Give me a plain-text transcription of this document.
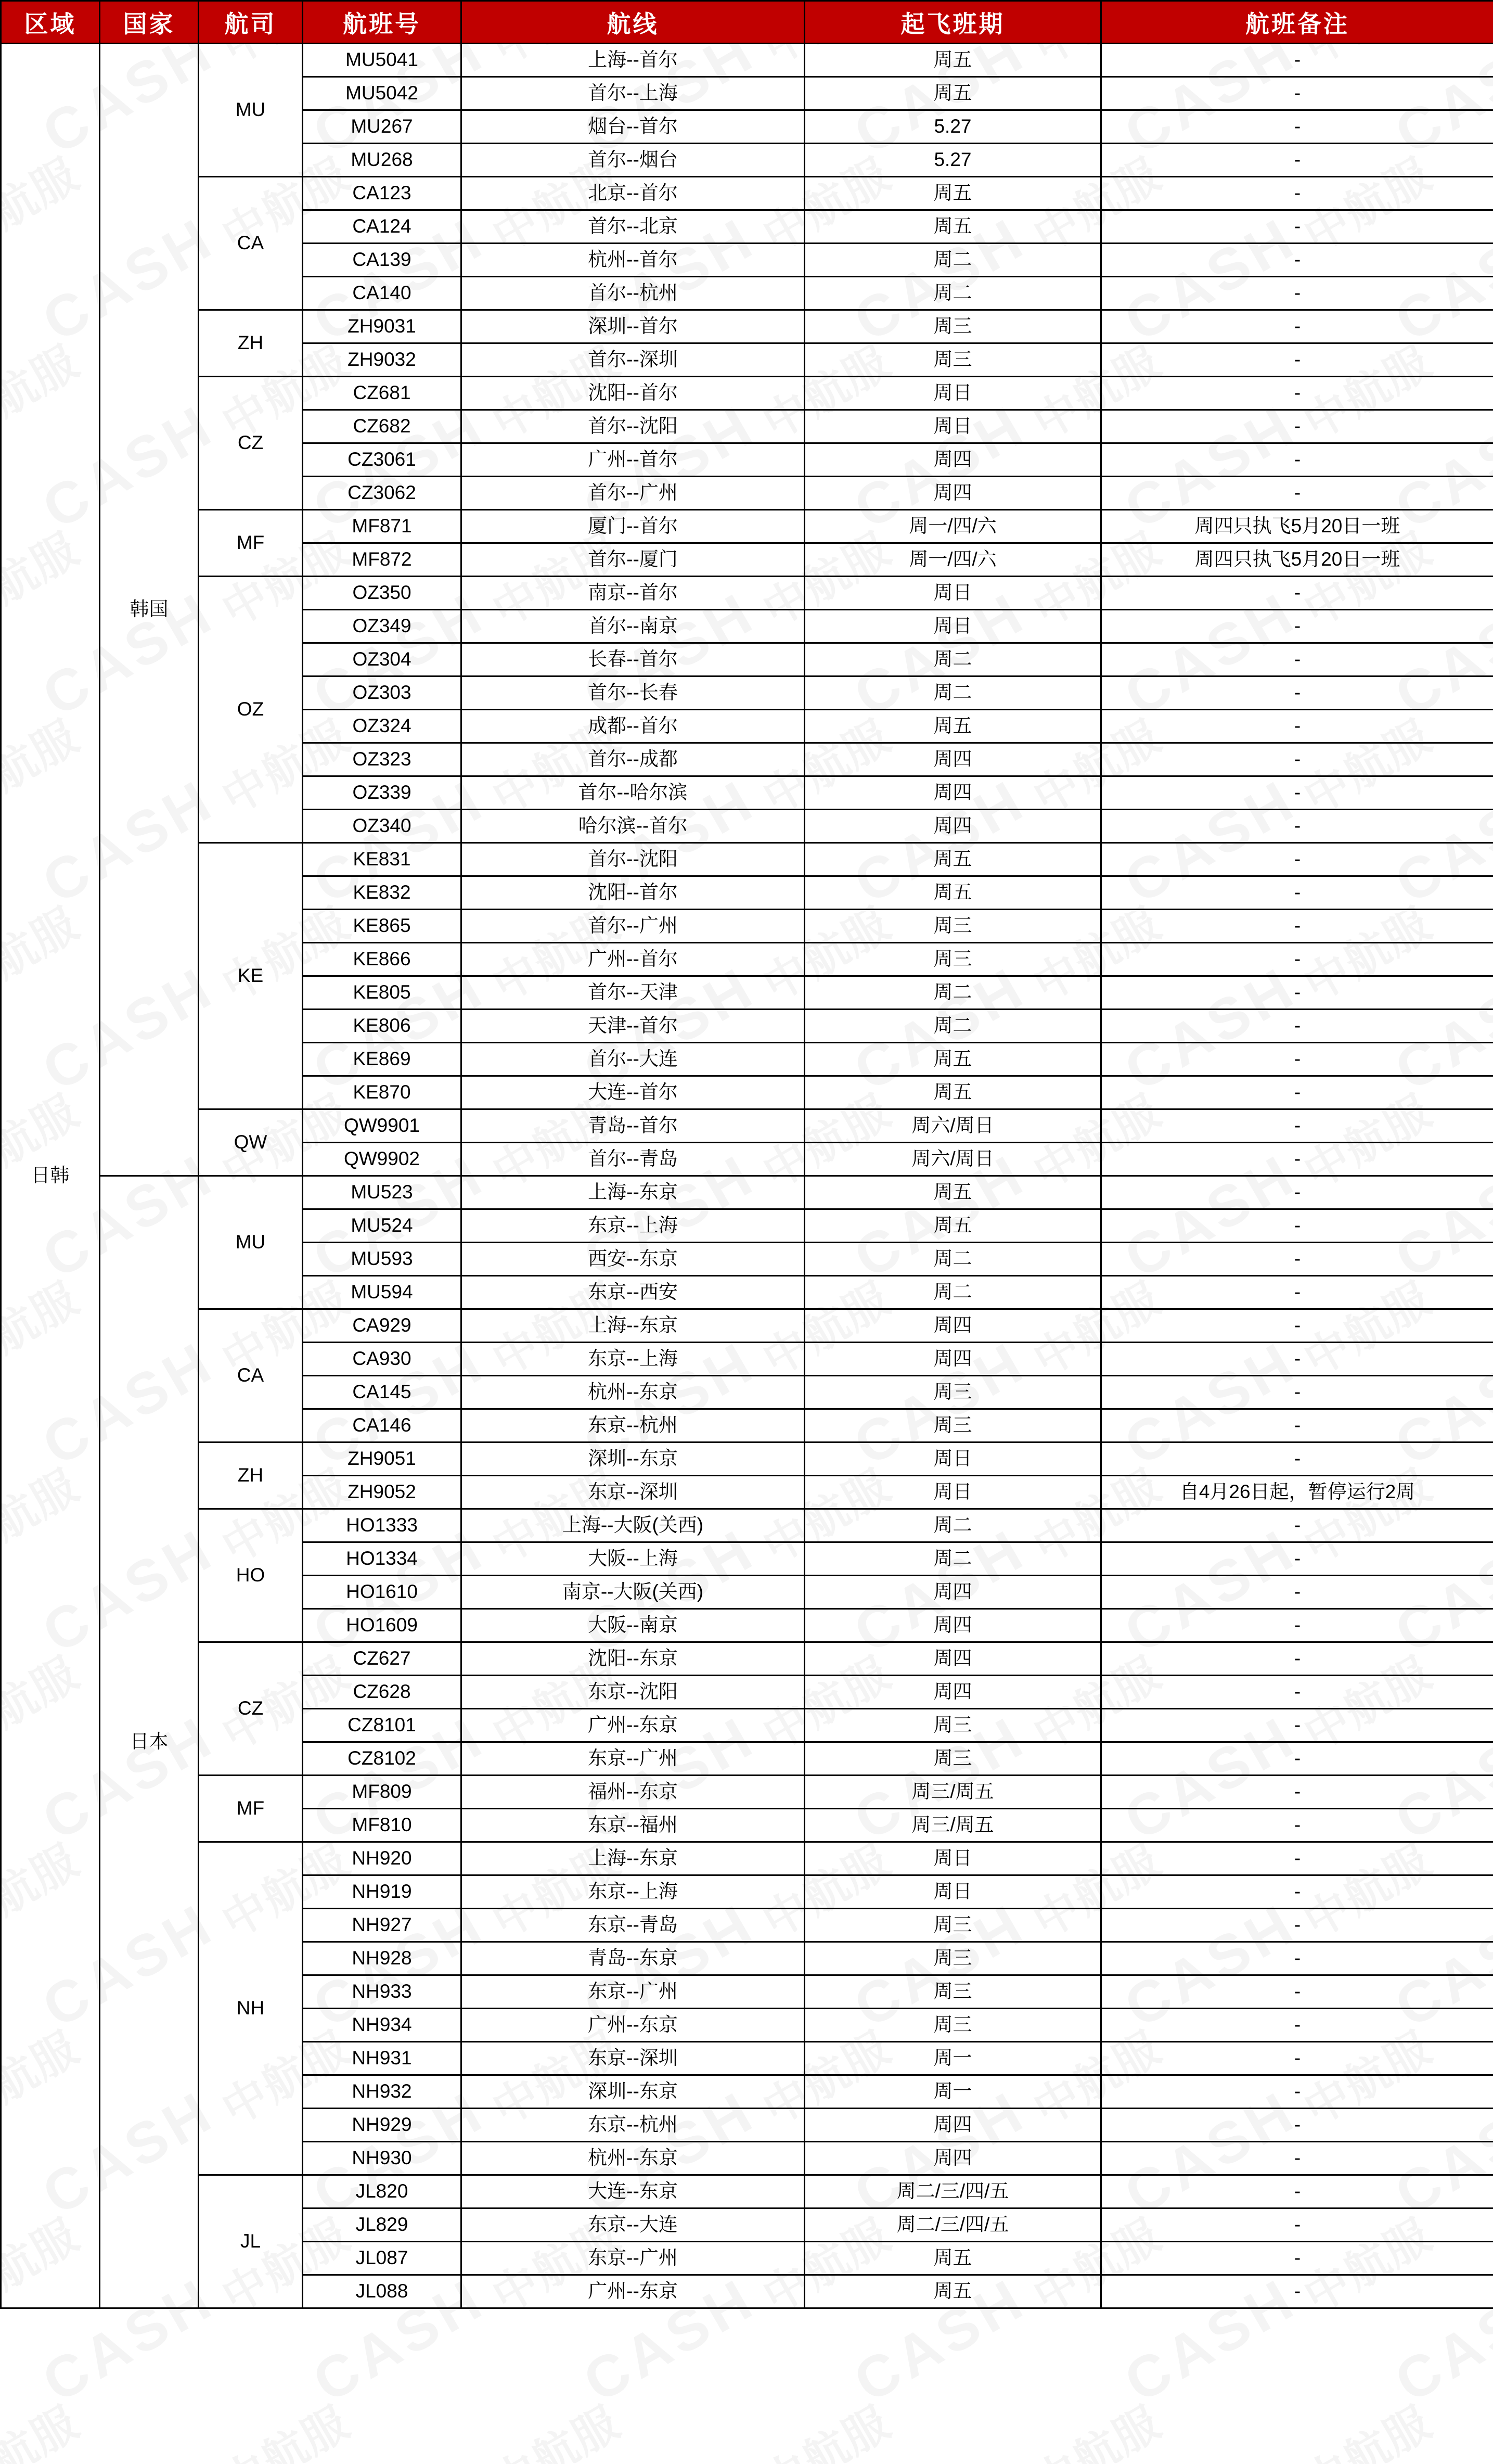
区域	国家	航司	航班号	航线	起飞班期	航班备注
日韩	韩国	MU	MU5041	上海--首尔	周五	-
			MU5042	首尔--上海	周五	-
			MU267	烟台--首尔	5.27	-
			MU268	首尔--烟台	5.27	-
		CA	CA123	北京--首尔	周五	-
			CA124	首尔--北京	周五	-
			CA139	杭州--首尔	周二	-
			CA140	首尔--杭州	周二	-
		ZH	ZH9031	深圳--首尔	周三	-
			ZH9032	首尔--深圳	周三	-
		CZ	CZ681	沈阳--首尔	周日	-
			CZ682	首尔--沈阳	周日	-
			CZ3061	广州--首尔	周四	-
			CZ3062	首尔--广州	周四	-
		MF	MF871	厦门--首尔	周一/四/六	周四只执飞5月20日一班
			MF872	首尔--厦门	周一/四/六	周四只执飞5月20日一班
		OZ	OZ350	南京--首尔	周日	-
			OZ349	首尔--南京	周日	-
			OZ304	长春--首尔	周二	-
			OZ303	首尔--长春	周二	-
			OZ324	成都--首尔	周五	-
			OZ323	首尔--成都	周四	-
			OZ339	首尔--哈尔滨	周四	-
			OZ340	哈尔滨--首尔	周四	-
		KE	KE831	首尔--沈阳	周五	-
			KE832	沈阳--首尔	周五	-
			KE865	首尔--广州	周三	-
			KE866	广州--首尔	周三	-
			KE805	首尔--天津	周二	-
			KE806	天津--首尔	周二	-
			KE869	首尔--大连	周五	-
			KE870	大连--首尔	周五	-
		QW	QW9901	青岛--首尔	周六/周日	-
			QW9902	首尔--青岛	周六/周日	-
	日本	MU	MU523	上海--东京	周五	-
			MU524	东京--上海	周五	-
			MU593	西安--东京	周二	-
			MU594	东京--西安	周二	-
		CA	CA929	上海--东京	周四	-
			CA930	东京--上海	周四	-
			CA145	杭州--东京	周三	-
			CA146	东京--杭州	周三	-
		ZH	ZH9051	深圳--东京	周日	-
			ZH9052	东京--深圳	周日	自4月26日起，暂停运行2周
		HO	HO1333	上海--大阪(关西)	周二	-
			HO1334	大阪--上海	周二	-
			HO1610	南京--大阪(关西)	周四	-
			HO1609	大阪--南京	周四	-
		CZ	CZ627	沈阳--东京	周四	-
			CZ628	东京--沈阳	周四	-
			CZ8101	广州--东京	周三	-
			CZ8102	东京--广州	周三	-
		MF	MF809	福州--东京	周三/周五	-
			MF810	东京--福州	周三/周五	-
		NH	NH920	上海--东京	周日	-
			NH919	东京--上海	周日	-
			NH927	东京--青岛	周三	-
			NH928	青岛--东京	周三	-
			NH933	东京--广州	周三	-
			NH934	广州--东京	周三	-
			NH931	东京--深圳	周一	-
			NH932	深圳--东京	周一	-
			NH929	东京--杭州	周四	-
			NH930	杭州--东京	周四	-
		JL	JL820	大连--东京	周二/三/四/五	-
			JL829	东京--大连	周二/三/四/五	-
			JL087	东京--广州	周五	-
			JL088	广州--东京	周五	-
